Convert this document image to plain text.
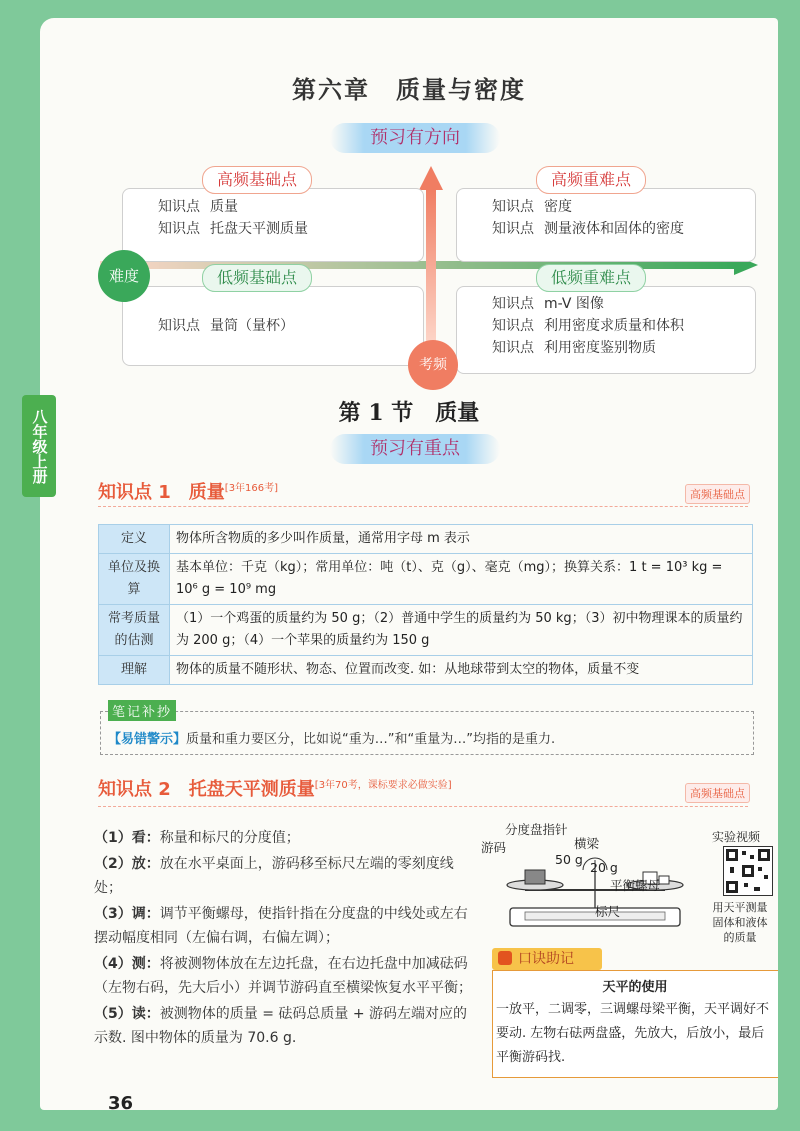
第六章　质量与密度
预习有方向
高频基础点	高频重难点
低频基础点	低频重难点
难度
考频
知识点 质量
知识点 托盘天平测质量
知识点 密度
知识点 测量液体和固体的密度
知识点 量筒（量杯）
知识点 m-V 图像
知识点 利用密度求质量和体积
知识点 利用密度鉴别物质
第 1 节　质量
预习有重点
知识点 1　质量[3年166考]	高频基础点
定义	物体所含物质的多少叫作质量，通常用字母 m 表示
单位及换算	基本单位：千克（kg）；常用单位：吨（t）、克（g）、毫克（mg）；换算关系：1 t = 10³ kg = 10⁶ g = 10⁹ mg
常考质量的估测	（1）一个鸡蛋的质量约为 50 g；（2）普通中学生的质量约为 50 kg；（3）初中物理课本的质量约为 200 g；（4）一个苹果的质量约为 150 g
理解	物体的质量不随形状、物态、位置而改变. 如：从地球带到太空的物体，质量不变
笔记补抄
【易错警示】质量和重力要区分，比如说“重为…”和“重量为…”均指的是重力.
知识点 2　托盘天平测质量[3年70考，课标要求必做实验]
高频基础点

（1）看：称量和标尺的分度值；

（2）放：放在水平桌面上，游码移至标尺左端的零刻度线处；

（3）调：调节平衡螺母，使指针指在分度盘的中线处或左右摆动幅度相同（左偏右调，右偏左调）；

（4）测：将被测物体放在左边托盘，在右边托盘中加减砝码（左物右码，先大后小）并调节游码直至横梁恢复水平平衡；

（5）读：被测物体的质量 = 砝码总质量 + 游码左端对应的示数. 图中物体的质量为 70.6 g.

分度盘指针
横梁
游码
50 g
20 g
平衡螺母
标尺
实验视频
用天平测量固体和液体的质量
口诀助记
天平的使用
一放平，二调零，三调螺母梁平衡，天平调好不要动. 左物右砝两盘盛，先放大，后放小，最后平衡游码找.
36
八年级上册
